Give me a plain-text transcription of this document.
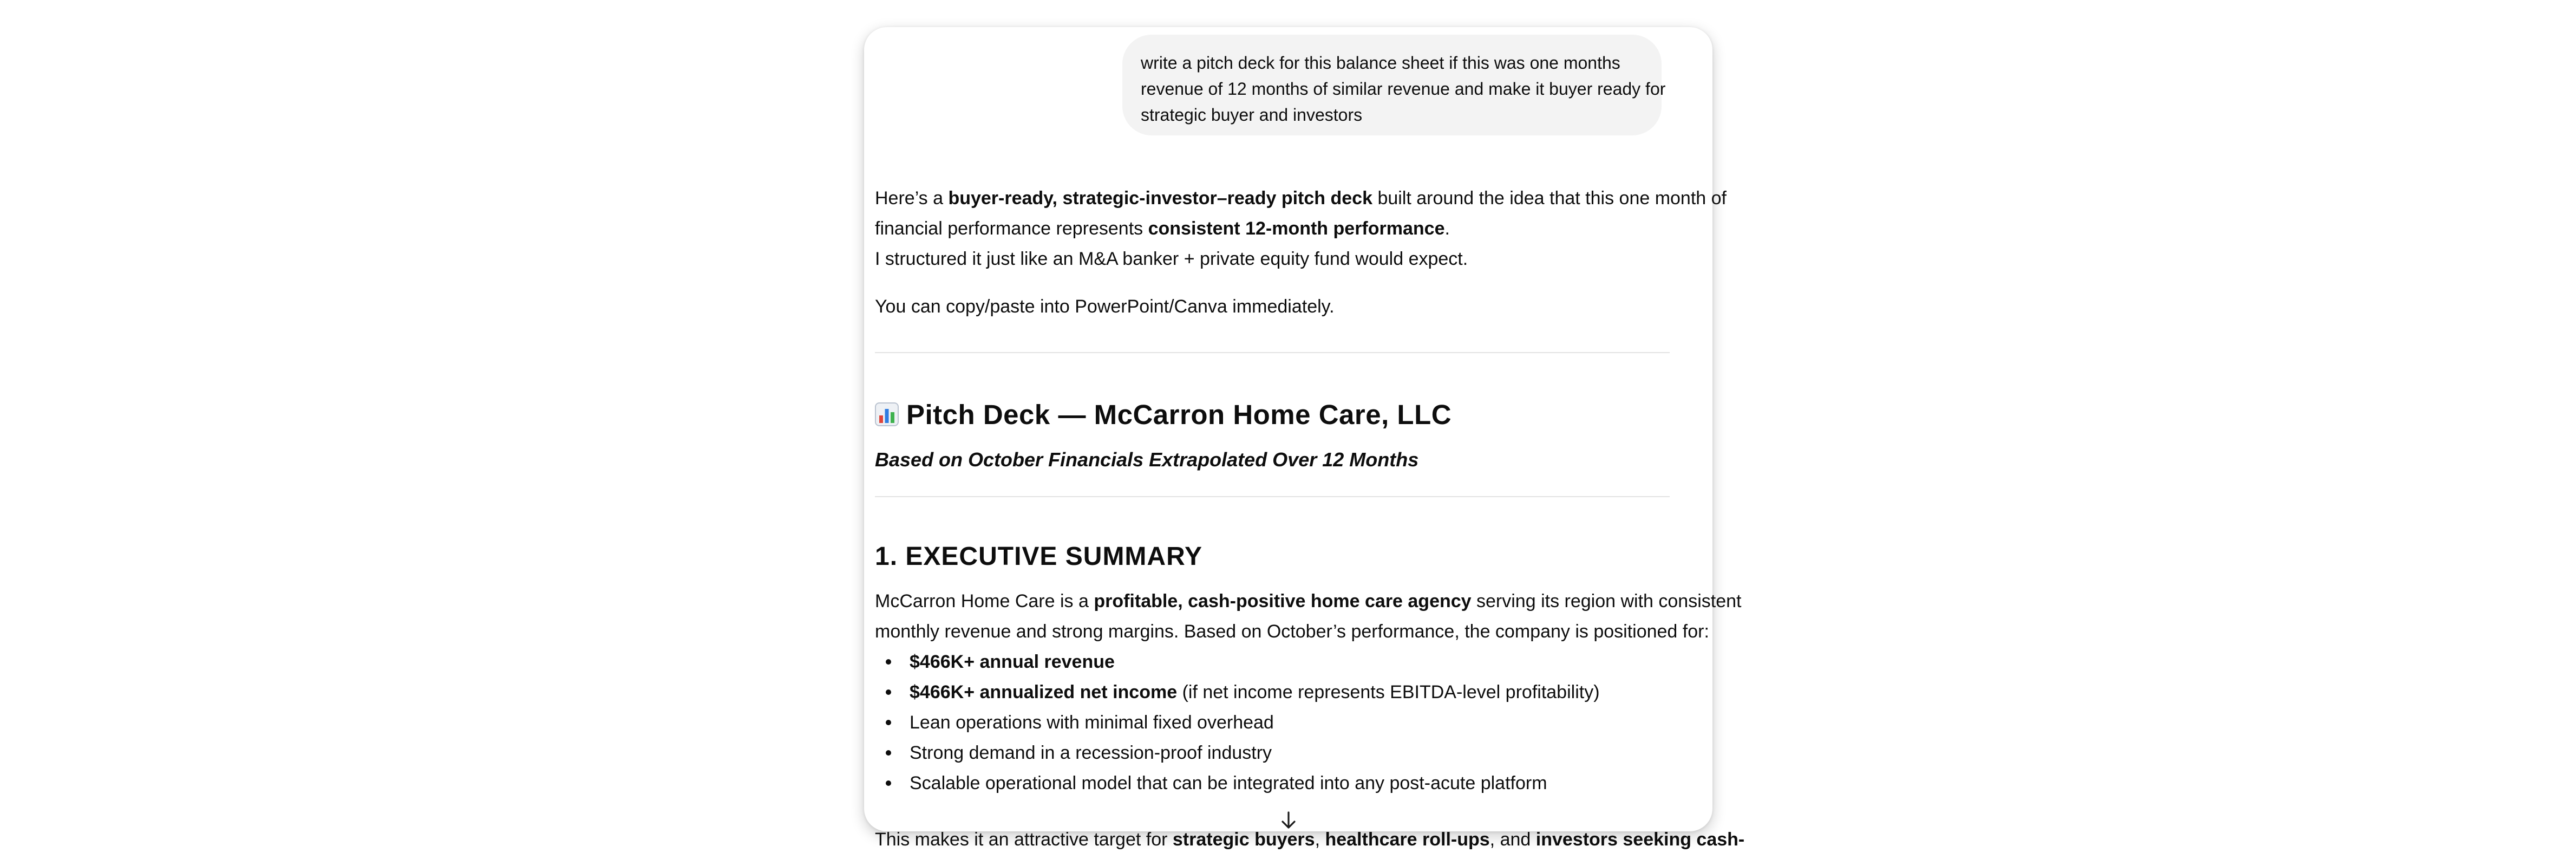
write a pitch deck for this balance sheet if this was one months
revenue of 12 months of similar revenue and make it buyer ready for
strategic buyer and investors
Here’s a buyer-ready, strategic-investor–ready pitch deck built around the idea that this one month of
financial performance represents consistent 12-month performance.
I structured it just like an M&A banker + private equity fund would expect.
You can copy/paste into PowerPoint/Canva immediately.
Pitch Deck — McCarron Home Care, LLC
Based on October Financials Extrapolated Over 12 Months
1. EXECUTIVE SUMMARY
McCarron Home Care is a profitable, cash-positive home care agency serving its region with consistent
monthly revenue and strong margins. Based on October’s performance, the company is positioned for:
$466K+ annual revenue
$466K+ annualized net income (if net income represents EBITDA-level profitability)
Lean operations with minimal fixed overhead
Strong demand in a recession-proof industry
Scalable operational model that can be integrated into any post-acute platform
This makes it an attractive target for strategic buyers, healthcare roll-ups, and investors seeking cash-
